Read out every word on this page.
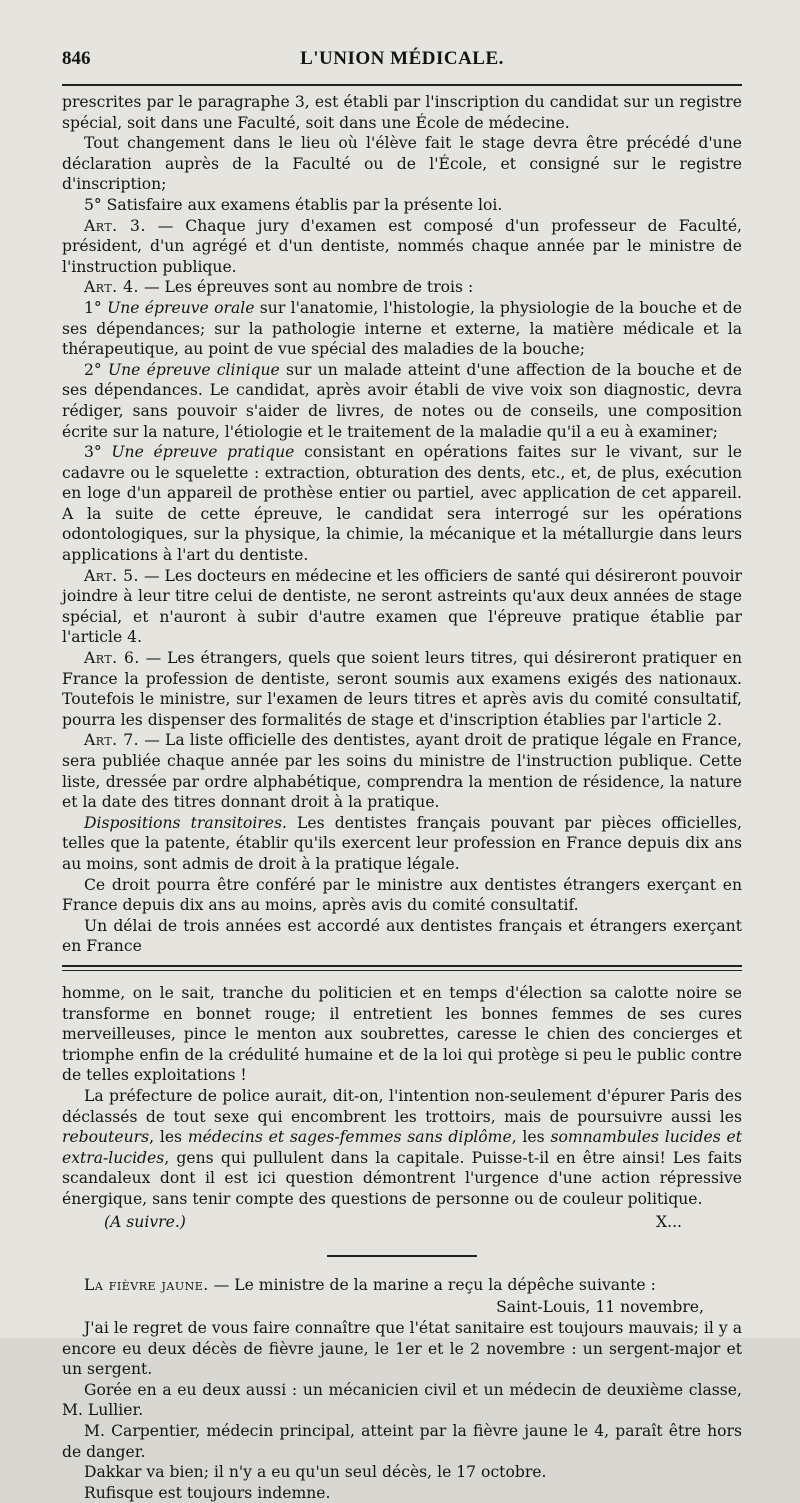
846	L'UNION MÉDICALE.

prescrites par le paragraphe 3, est établi par l'inscription du candidat sur un registre spécial, soit dans une Faculté, soit dans une École de médecine.

Tout changement dans le lieu où l'élève fait le stage devra être précédé d'une déclaration auprès de la Faculté ou de l'École, et consigné sur le registre d'inscription;

5° Satisfaire aux examens établis par la présente loi.

Art. 3. — Chaque jury d'examen est composé d'un professeur de Faculté, président, d'un agrégé et d'un dentiste, nommés chaque année par le ministre de l'instruction publique.

Art. 4. — Les épreuves sont au nombre de trois :

1° Une épreuve orale sur l'anatomie, l'histologie, la physiologie de la bouche et de ses dépendances; sur la pathologie interne et externe, la matière médicale et la thérapeutique, au point de vue spécial des maladies de la bouche;

2° Une épreuve clinique sur un malade atteint d'une affection de la bouche et de ses dépendances. Le candidat, après avoir établi de vive voix son diagnostic, devra rédiger, sans pouvoir s'aider de livres, de notes ou de conseils, une composition écrite sur la nature, l'étiologie et le traitement de la maladie qu'il a eu à examiner;

3° Une épreuve pratique consistant en opérations faites sur le vivant, sur le cadavre ou le squelette : extraction, obturation des dents, etc., et, de plus, exécution en loge d'un appareil de prothèse entier ou partiel, avec application de cet appareil. A la suite de cette épreuve, le candidat sera interrogé sur les opérations odontologiques, sur la physique, la chimie, la mécanique et la métallurgie dans leurs applications à l'art du dentiste.

Art. 5. — Les docteurs en médecine et les officiers de santé qui désireront pouvoir joindre à leur titre celui de dentiste, ne seront astreints qu'aux deux années de stage spécial, et n'auront à subir d'autre examen que l'épreuve pratique établie par l'article 4.

Art. 6. — Les étrangers, quels que soient leurs titres, qui désireront pratiquer en France la profession de dentiste, seront soumis aux examens exigés des nationaux. Toutefois le ministre, sur l'examen de leurs titres et après avis du comité consultatif, pourra les dispenser des formalités de stage et d'inscription établies par l'article 2.

Art. 7. — La liste officielle des dentistes, ayant droit de pratique légale en France, sera publiée chaque année par les soins du ministre de l'instruction publique. Cette liste, dressée par ordre alphabétique, comprendra la mention de résidence, la nature et la date des titres donnant droit à la pratique.

Dispositions transitoires. Les dentistes français pouvant par pièces officielles, telles que la patente, établir qu'ils exercent leur profession en France depuis dix ans au moins, sont admis de droit à la pratique légale.

Ce droit pourra être conféré par le ministre aux dentistes étrangers exerçant en France depuis dix ans au moins, après avis du comité consultatif.

Un délai de trois années est accordé aux dentistes français et étrangers exerçant en France

homme, on le sait, tranche du politicien et en temps d'élection sa calotte noire se transforme en bonnet rouge; il entretient les bonnes femmes de ses cures merveilleuses, pince le menton aux soubrettes, caresse le chien des concierges et triomphe enfin de la crédulité humaine et de la loi qui protège si peu le public contre de telles exploitations !

La préfecture de police aurait, dit-on, l'intention non-seulement d'épurer Paris des déclassés de tout sexe qui encombrent les trottoirs, mais de poursuivre aussi les rebouteurs, les médecins et sages-femmes sans diplôme, les somnambules lucides et extra-lucides, gens qui pullulent dans la capitale. Puisse-t-il en être ainsi! Les faits scandaleux dont il est ici question démontrent l'urgence d'une action répressive énergique, sans tenir compte des questions de personne ou de couleur politique.

(A suivre.)	X...

La fièvre jaune. — Le ministre de la marine a reçu la dépêche suivante :

Saint-Louis, 11 novembre,

J'ai le regret de vous faire connaître que l'état sanitaire est toujours mauvais; il y a encore eu deux décès de fièvre jaune, le 1er et le 2 novembre : un sergent-major et un sergent.

Gorée en a eu deux aussi : un mécanicien civil et un médecin de deuxième classe, M. Lullier.

M. Carpentier, médecin principal, atteint par la fièvre jaune le 4, paraît être hors de danger.

Dakkar va bien; il n'y a eu qu'un seul décès, le 17 octobre.

Rufisque est toujours indemne.
